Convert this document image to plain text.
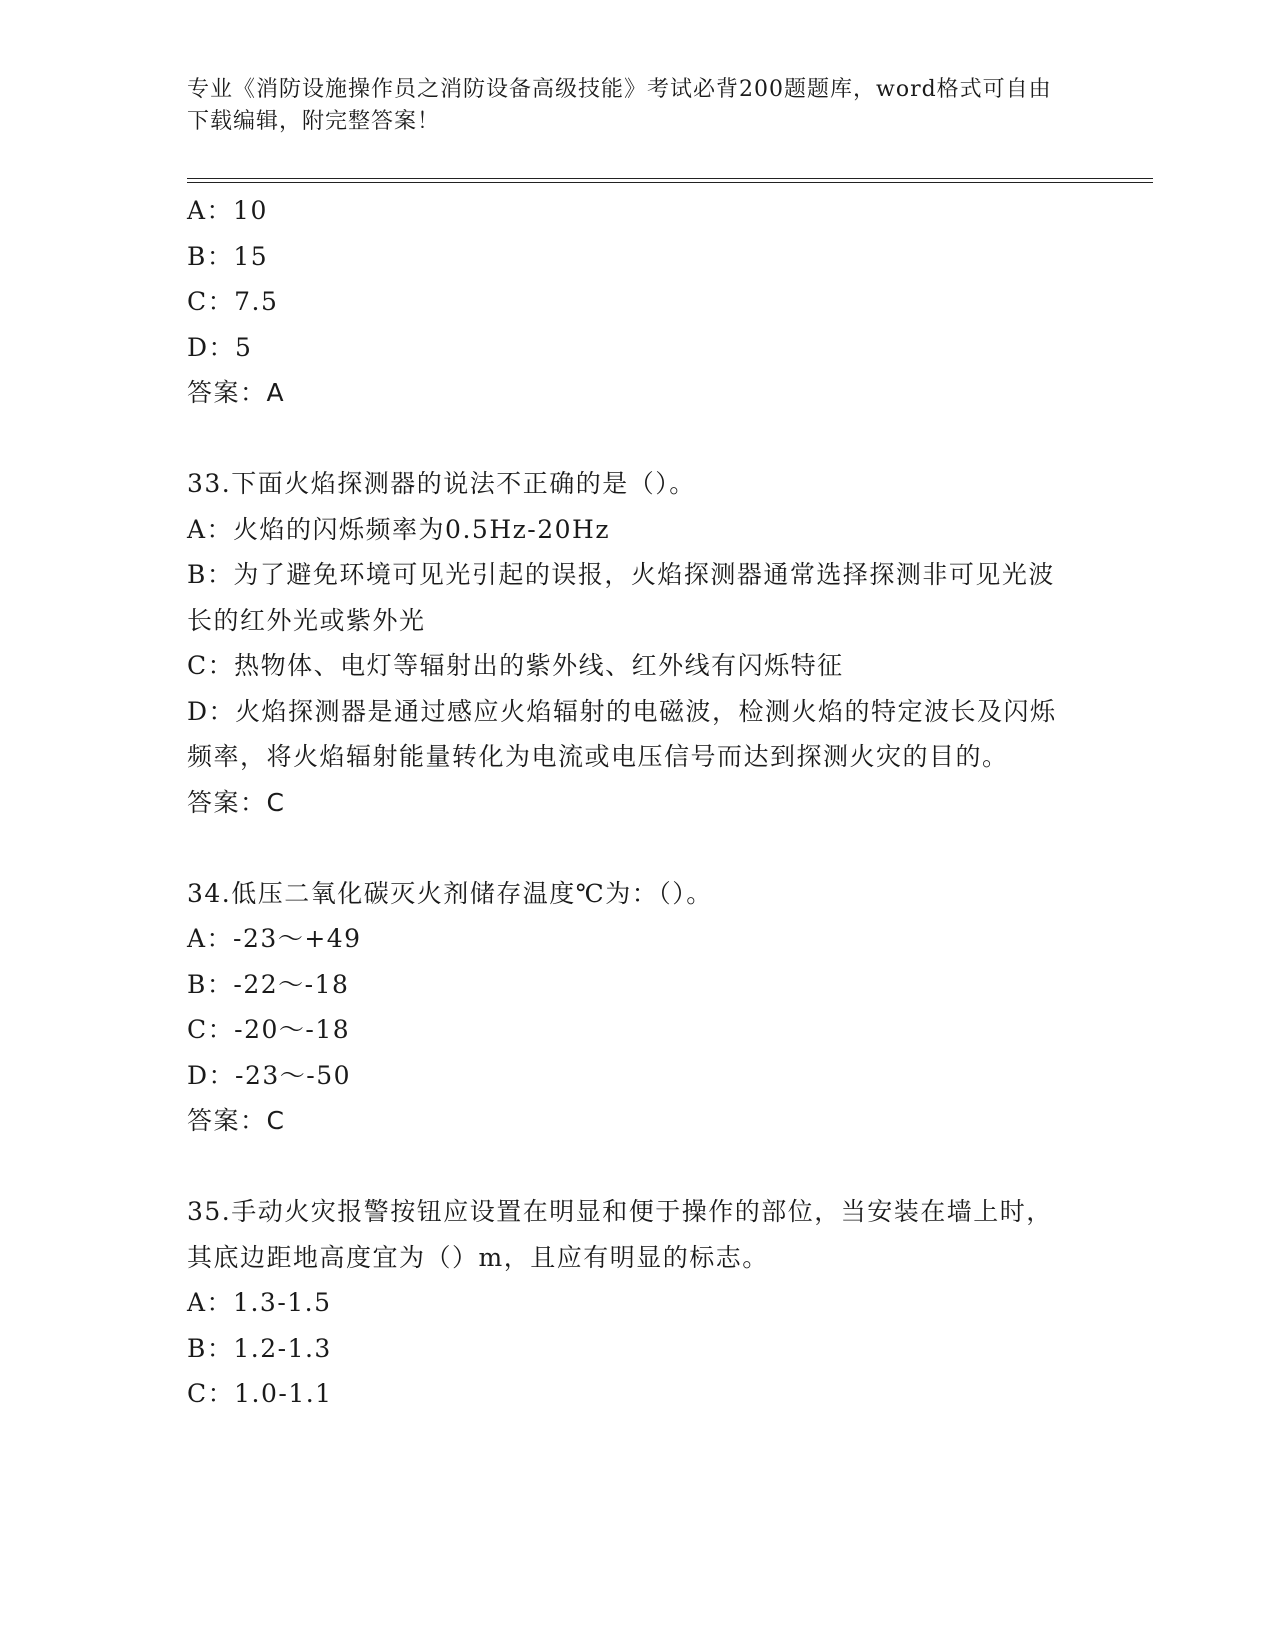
专业《消防设施操作员之消防设备高级技能》考试必背200题题库，word格式可自由下载编辑，附完整答案！

A：10

B：15

C：7.5

D：5

答案：A

33.下面火焰探测器的说法不正确的是（）。

A：火焰的闪烁频率为0.5Hz-20Hz

B：为了避免环境可见光引起的误报，火焰探测器通常选择探测非可见光波长的红外光或紫外光

C：热物体、电灯等辐射出的紫外线、红外线有闪烁特征

D：火焰探测器是通过感应火焰辐射的电磁波，检测火焰的特定波长及闪烁频率，将火焰辐射能量转化为电流或电压信号而达到探测火灾的目的。

答案：C

34.低压二氧化碳灭火剂储存温度℃为：（）。

A：-23～+49

B：-22～-18

C：-20～-18

D：-23～-50

答案：C

35.手动火灾报警按钮应设置在明显和便于操作的部位，当安装在墙上时，其底边距地高度宜为（）m，且应有明显的标志。

A：1.3-1.5

B：1.2-1.3

C：1.0-1.1
